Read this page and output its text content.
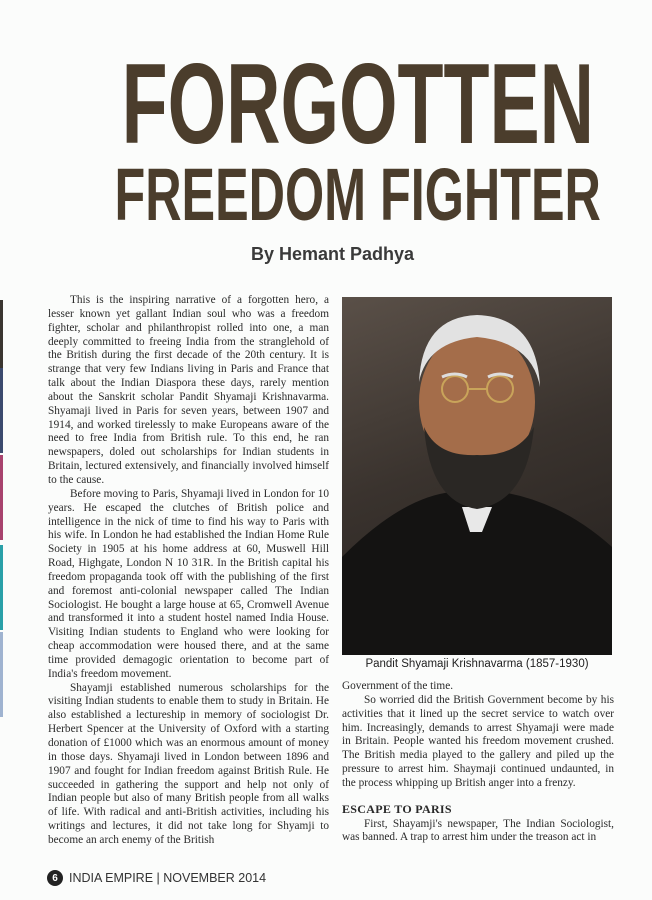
FORGOTTEN
FREEDOM FIGHTER
By Hemant Padhya

This is the inspiring narrative of a forgotten hero, a lesser known yet gallant Indian soul who was a freedom fighter, scholar and philanthropist rolled into one, a man deeply committed to freeing India from the stranglehold of the British during the first decade of the 20th century. It is strange that very few Indians living in Paris and France that talk about the Indian Diaspora these days, rarely mention about the Sanskrit scholar Pandit Shyamaji Krishnavarma. Shyamaji lived in Paris for seven years, between 1907 and 1914, and worked tirelessly to make Europeans aware of the need to free India from British rule. To this end, he ran newspapers, doled out scholarships for Indian students in Britain, lectured extensively, and financially involved himself to the cause.

Before moving to Paris, Shyamaji lived in London for 10 years. He escaped the clutches of British police and intelligence in the nick of time to find his way to Paris with his wife. In London he had established the Indian Home Rule Society in 1905 at his home address at 60, Muswell Hill Road, Highgate, London N 10 31R. In the British capital his freedom propaganda took off with the publishing of the first and foremost anti-colonial newspaper called The Indian Sociologist. He bought a large house at 65, Cromwell Avenue and transformed it into a student hostel named India House. Visiting Indian students to England who were looking for cheap accommodation were housed there, and at the same time provided demagogic orientation to become part of India's freedom movement.

Shayamji established numerous scholarships for the visiting Indian students to enable them to study in Britain. He also established a lectureship in memory of sociologist Dr. Herbert Spencer at the University of Oxford with a starting donation of £1000 which was an enormous amount of money in those days. Shyamaji lived in London between 1896 and 1907 and fought for Indian freedom against British Rule. He succeeded in gathering the support and help not only of Indian people but also of many British people from all walks of life. With radical and anti-British activities, including his writings and lectures, it did not take long for Shyamji to become an arch enemy of the British

Pandit Shyamaji Krishnavarma (1857-1930)

Government of the time.

So worried did the British Government become by his activities that it lined up the secret service to watch over him. Increasingly, demands to arrest Shyamaji were made in Britain. People wanted his freedom movement crushed. The British media played to the gallery and piled up the pressure to arrest him. Shaymaji continued undaunted, in the process whipping up British anger into a frenzy.

ESCAPE TO PARIS

First, Shayamji's newspaper, The Indian Sociologist, was banned. A trap to arrest him under the treason act in

6 INDIA EMPIRE | NOVEMBER 2014
